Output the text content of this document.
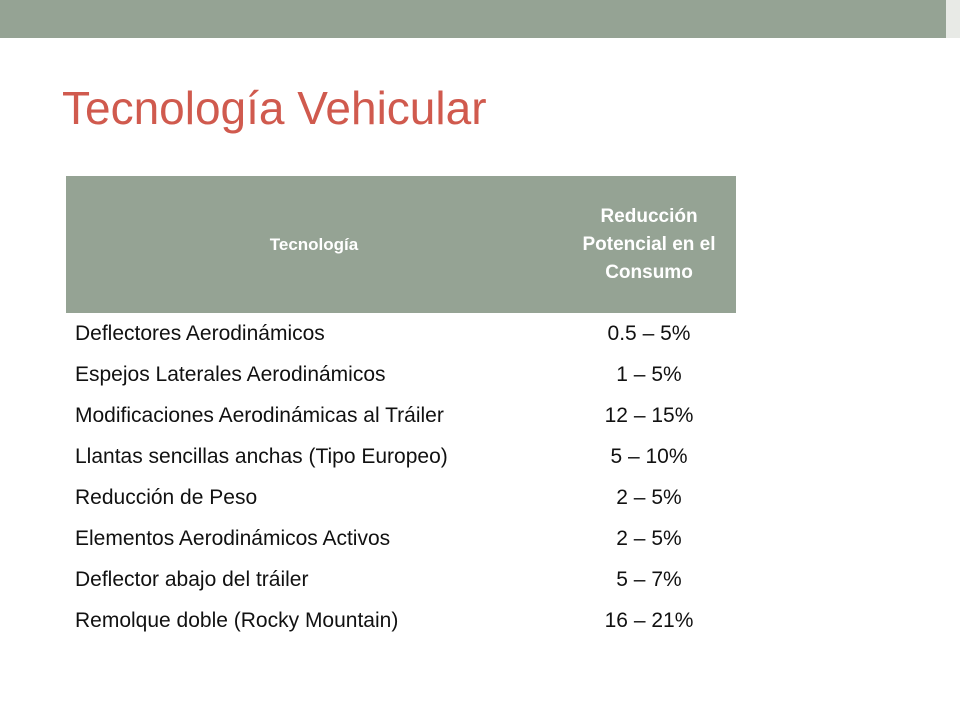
Tecnología Vehicular
Tecnología	Reducción Potencial en el Consumo
Deflectores Aerodinámicos	0.5 – 5%
Espejos Laterales Aerodinámicos	1 – 5%
Modificaciones Aerodinámicas al Tráiler	12 – 15%
Llantas sencillas anchas (Tipo Europeo)	5 – 10%
Reducción de Peso	2 – 5%
Elementos Aerodinámicos Activos	2 – 5%
Deflector abajo del tráiler	5 – 7%
Remolque doble (Rocky Mountain)	16 – 21%
